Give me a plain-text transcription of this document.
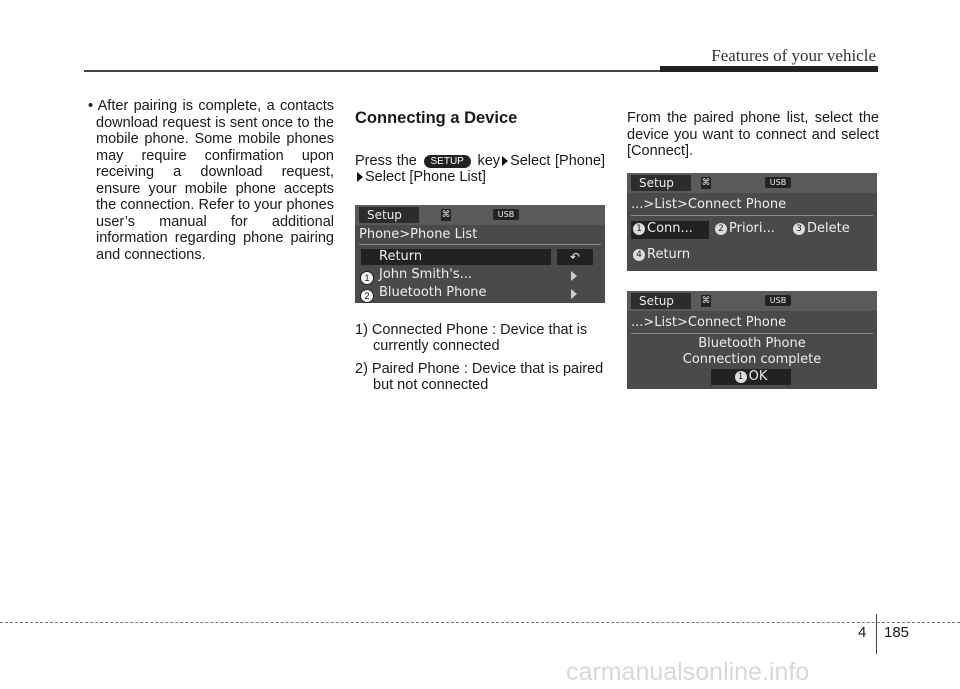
Features of your vehicle

• After pairing is complete, a contacts download request is sent once to the mobile phone. Some mobile phones may require confirmation upon receiving a download request, ensure your mobile phone accepts the connection. Refer to your phones user’s manual for additional information regarding phone pairing and connections.

Connecting a Device

Press the SETUP key Select [Phone]Select [Phone List]

1) Connected Phone : Device that is currently connected

2) Paired Phone : Device that is paired but not connected

Setup	⌘	USB
Phone>Phone List
Return	↶
John Smith's...
Bluetooth Phone
1
2

From the paired phone list, select the device you want to connect and select [Connect].

Setup	⌘	USB
...>List>Connect Phone
1 Conn...	2 Priori...	3 Delete
4 Return
Setup	⌘	USB
...>List>Connect Phone
Bluetooth Phone
Connection complete
1 OK
4 185
carmanualsonline.info
